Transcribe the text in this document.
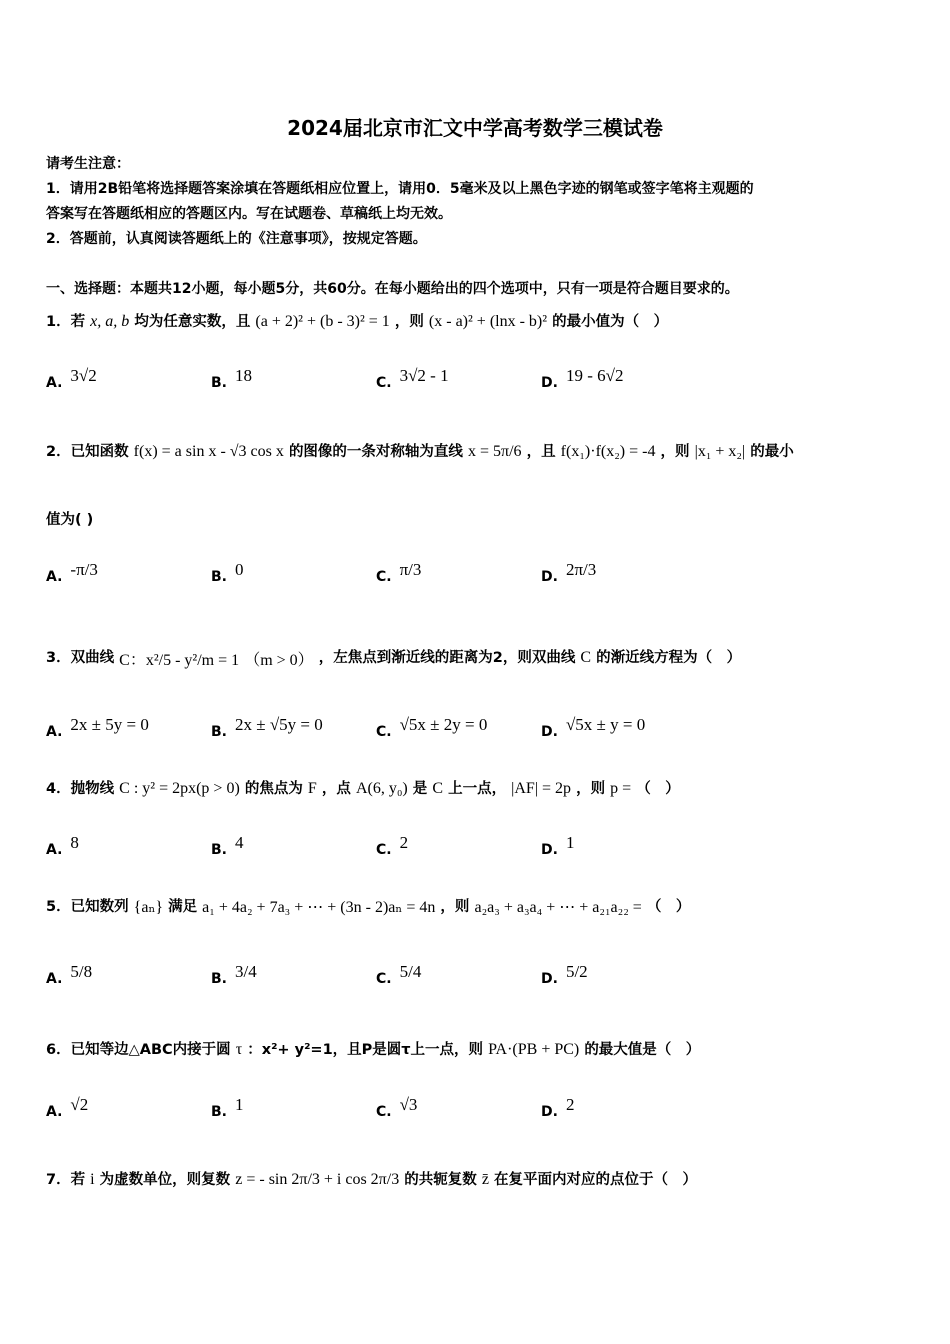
2024届北京市汇文中学高考数学三模试卷
请考生注意：
1．请用2B铅笔将选择题答案涂填在答题纸相应位置上，请用0．5毫米及以上黑色字迹的钢笔或签字笔将主观题的
答案写在答题纸相应的答题区内。写在试题卷、草稿纸上均无效。
2．答题前，认真阅读答题纸上的《注意事项》，按规定答题。
一、选择题：本题共12小题，每小题5分，共60分。在每小题给出的四个选项中，只有一项是符合题目要求的。
1．若 x, a, b 均为任意实数，且 (a + 2)² + (b - 3)² = 1 ，则 (x - a)² + (lnx - b)² 的最小值为（　）
A. 3√2	B. 18	C. 3√2 - 1	D. 19 - 6√2
2．已知函数 f(x) = a sin x - √3 cos x 的图像的一条对称轴为直线 x = 5π/6 ，且 f(x₁)·f(x₂) = -4 ，则 |x₁ + x₂| 的最小
值为( )
A. -π/3	B. 0	C. π/3	D. 2π/3
3．双曲线 C：x²/5 - y²/m = 1 （m > 0） ，左焦点到渐近线的距离为2，则双曲线 C 的渐近线方程为（　）
A. 2x ± 5y = 0	B. 2x ± √5y = 0	C. √5x ± 2y = 0	D. √5x ± y = 0
4．抛物线 C : y² = 2px(p > 0) 的焦点为 F ，点 A(6, y₀) 是 C 上一点， |AF| = 2p ，则 p = （　）
A. 8	B. 4	C. 2	D. 1
5．已知数列 {aₙ} 满足 a₁ + 4a₂ + 7a₃ + ⋯ + (3n - 2)aₙ = 4n ，则 a₂a₃ + a₃a₄ + ⋯ + a₂₁a₂₂ = （　）
A. 5/8	B. 3/4	C. 5/4	D. 5/2
6．已知等边△ABC内接于圆 τ ：x²+ y²=1，且P是圆τ上一点，则 PA·(PB + PC) 的最大值是（　）
A. √2	B. 1	C. √3	D. 2
7．若 i 为虚数单位，则复数 z = - sin 2π/3 + i cos 2π/3 的共轭复数 z̄ 在复平面内对应的点位于（　）
